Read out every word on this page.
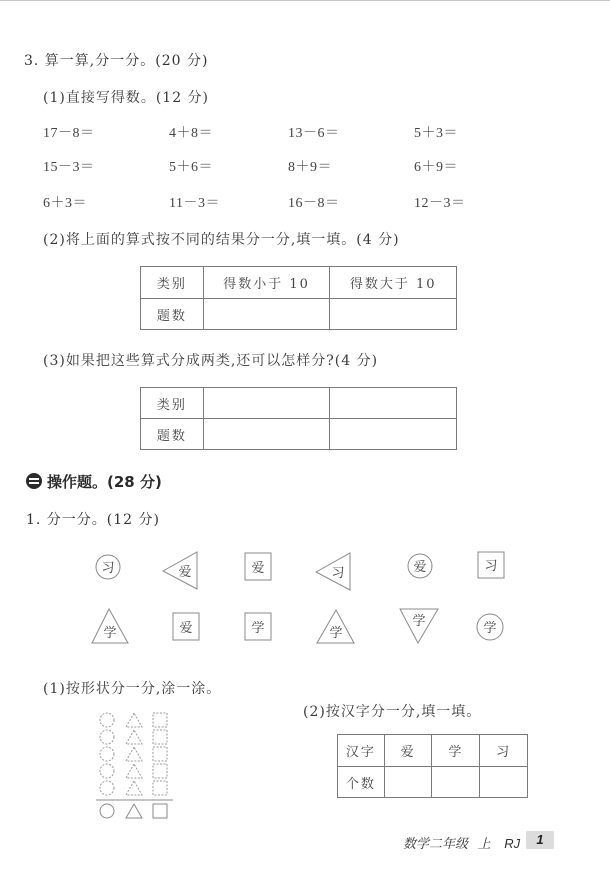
3. 算一算,分一分。(20 分)
(1)直接写得数。(12 分)
17－8＝	4＋8＝	13－6＝	5＋3＝
15－3＝	5＋6＝	8＋9＝	6＋9＝
6＋3＝	11－3＝	16－8＝	12－3＝
(2)将上面的算式按不同的结果分一分,填一填。(4 分)
类别	得数小于 10	得数大于 10
题数		
(3)如果把这些算式分成两类,还可以怎样分?(4 分)
类别		
题数		
操作题。(28 分)
1. 分一分。(12 分)
习	爱	爱	习	爱	习
学	爱	学	学
学	学
(1)按形状分一分,涂一涂。
(2)按汉字分一分,填一填。
汉字	爱	学	习
个数			
数学二年级 上 RJ	1
